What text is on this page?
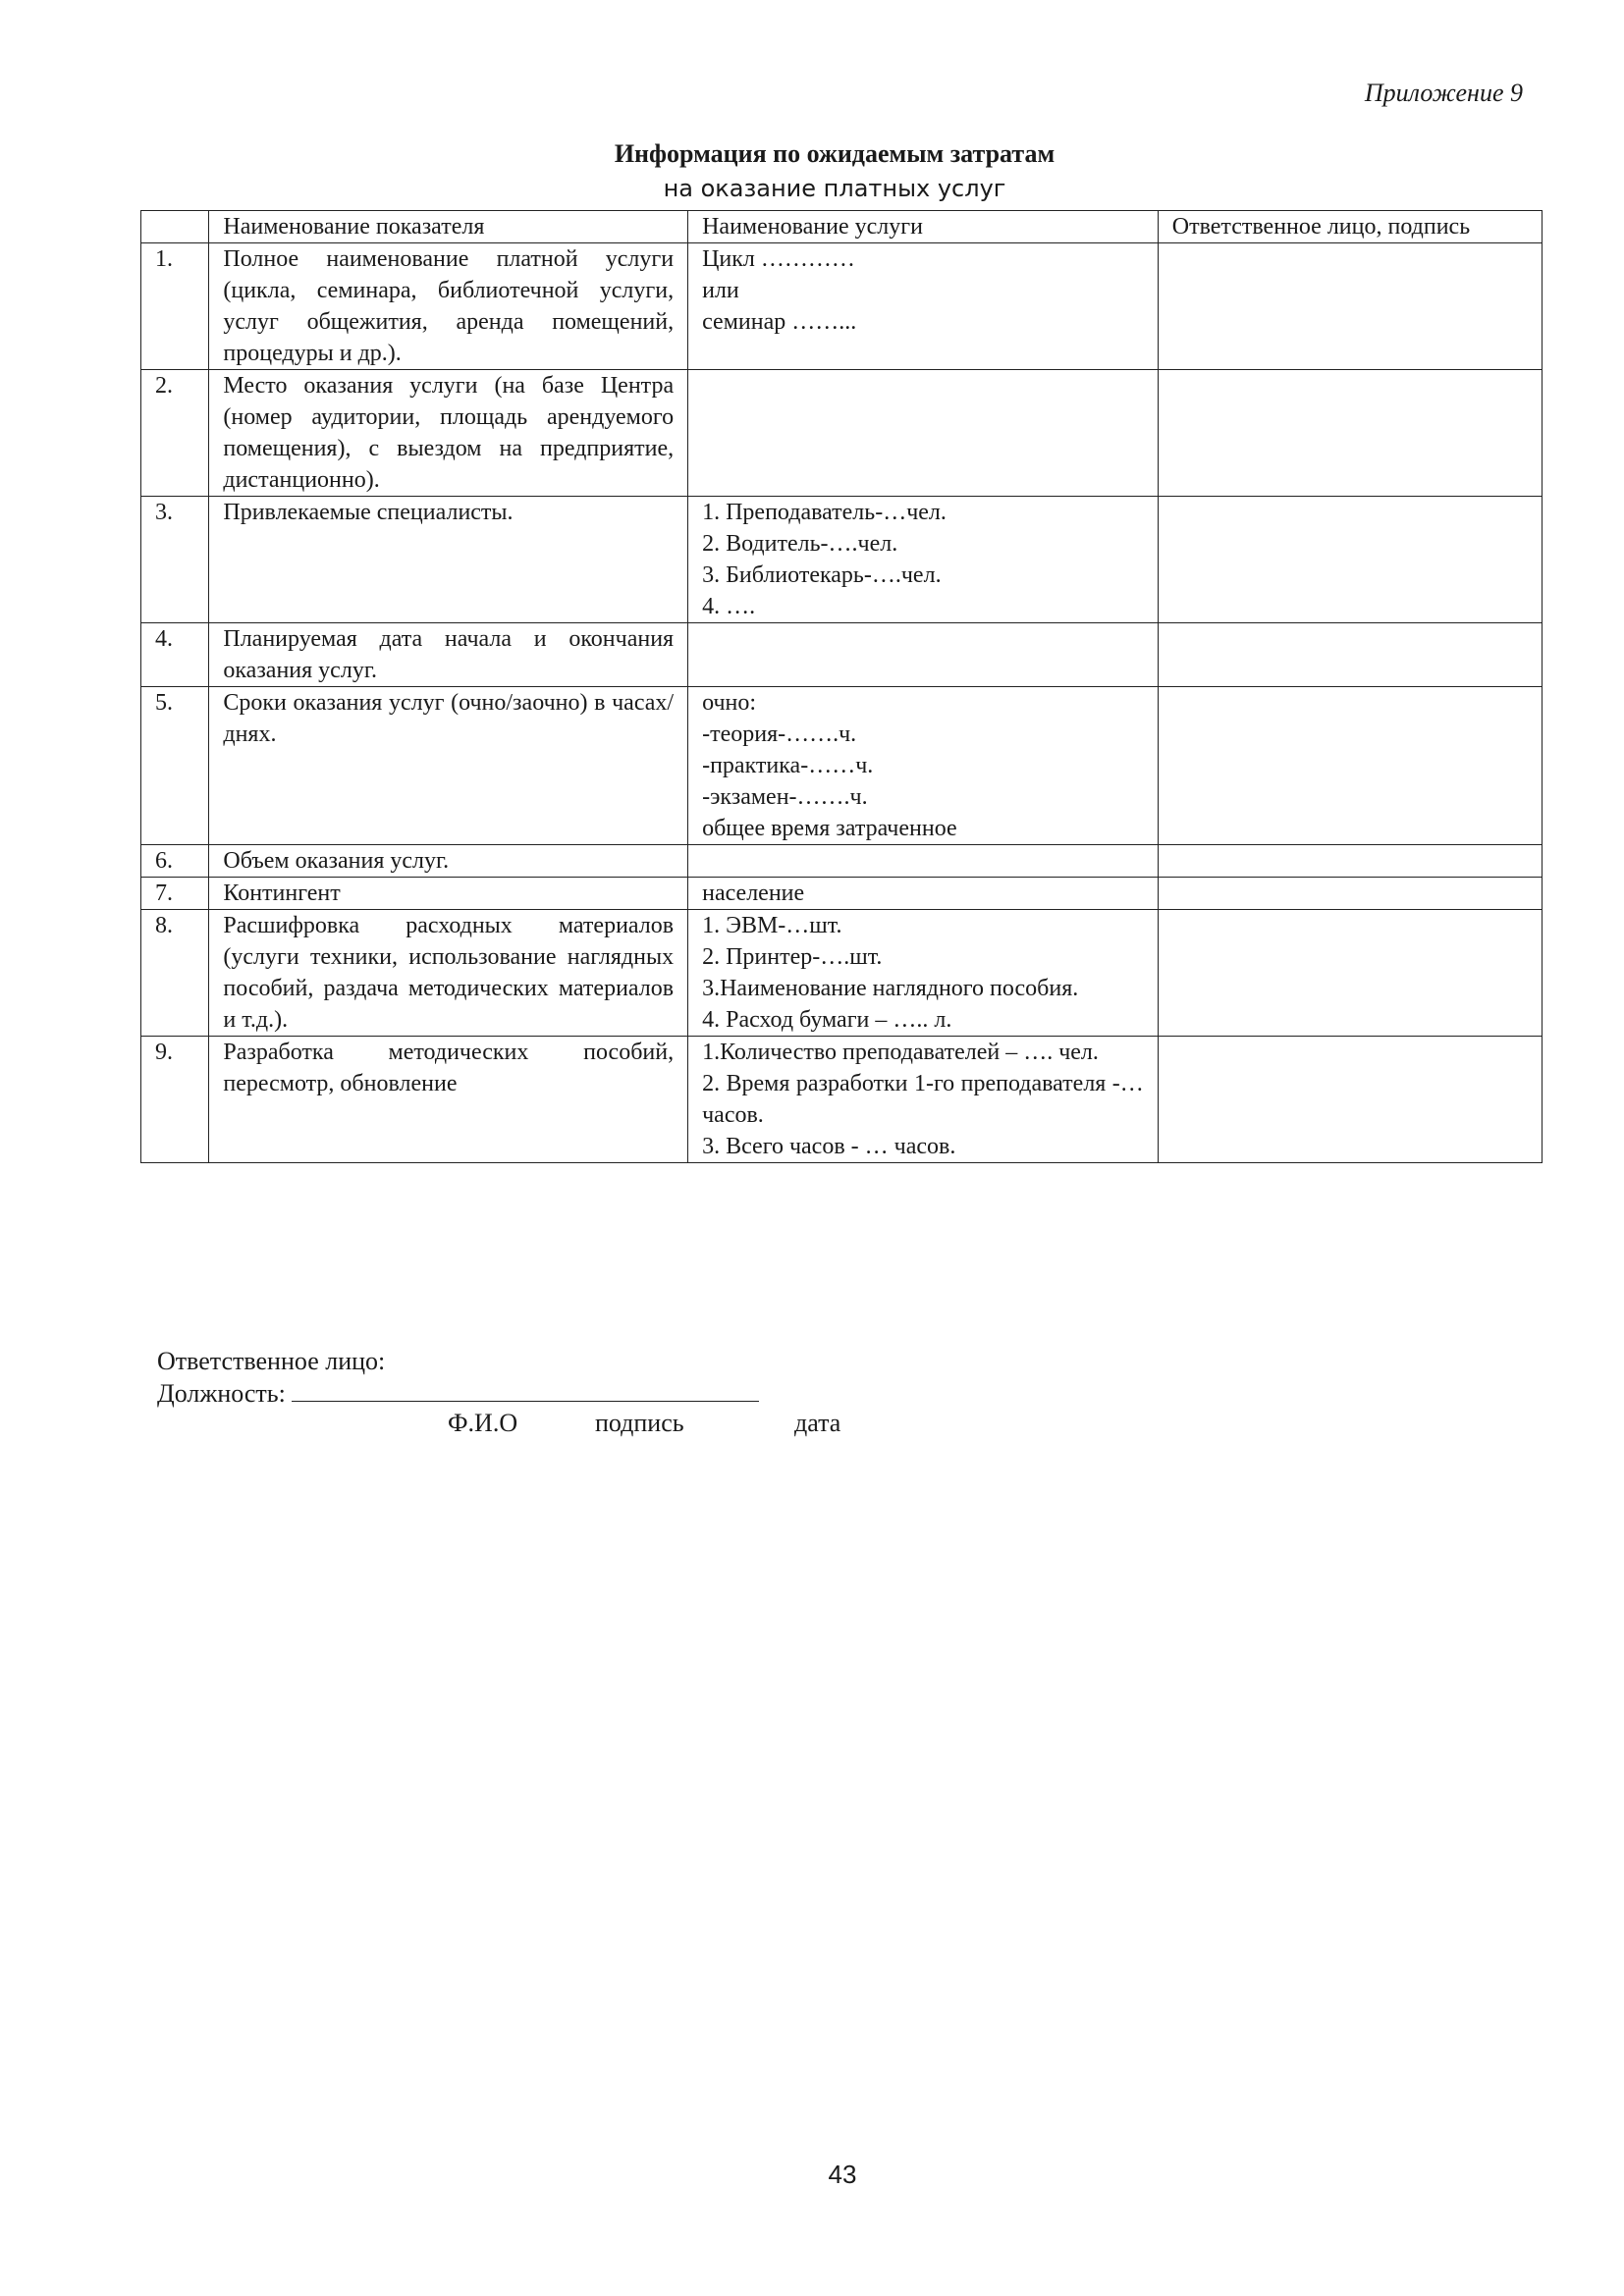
Приложение 9
Информация по ожидаемым затратам
на оказание платных услуг
	Наименование показателя	Наименование услуги	Ответственное лицо, подпись
1.	Полное наименование платной услуги (цикла, семинара, библиотечной услуги, услуг общежития, аренда помещений, процедуры и др.).	Цикл …………
или
семинар ……...	

2.	Место оказания услуги (на базе Центра (номер аудитории, площадь арендуемого помещения), с выездом на предприятие, дистанционно).		
3.	Привлекаемые специалисты.	1. Преподаватель-…чел.
2. Водитель-….чел.
3. Библиотекарь-….чел.
4. ….	

4.	Планируемая дата начала и окончания оказания услуг.		
5.	Сроки оказания услуг (очно/заочно) в часах/днях.	очно:
-теория-…….ч.
-практика-……ч.
-экзамен-…….ч.
общее время затраченное	

6.	Объем оказания услуг.		
7.	Контингент	население	

8.	Расшифровка расходных материалов (услуги техники, использование наглядных пособий, раздача методических материалов и т.д.).	1. ЭВМ-…шт.
2. Принтер-….шт.
3.Наименование наглядного пособия.
4. Расход бумаги – ….. л.	

9.	Разработка методических пособий, пересмотр, обновление	1.Количество преподавателей – …. чел.
2. Время разработки 1-го преподавателя -… часов.
3. Всего часов - … часов.	

Ответственное лицо:
Должность:
Ф.И.О	подпись	дата
43
